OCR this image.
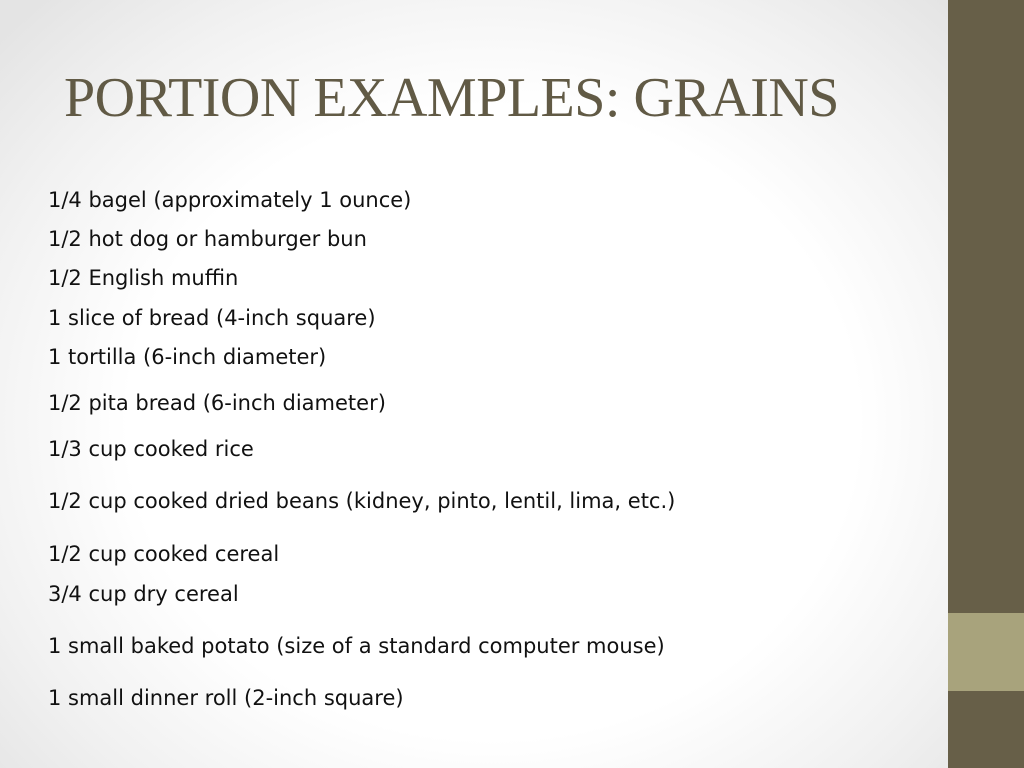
PORTION EXAMPLES: GRAINS
1/4 bagel (approximately 1 ounce)
1/2 hot dog or hamburger bun
1/2 English muffin
1 slice of bread (4-inch square)
1 tortilla (6-inch diameter)
1/2 pita bread (6-inch diameter)
1/3 cup cooked rice
1/2 cup cooked dried beans (kidney, pinto, lentil, lima, etc.)
1/2 cup cooked cereal
3/4 cup dry cereal
1 small baked potato (size of a standard computer mouse)
1 small dinner roll (2-inch square)
